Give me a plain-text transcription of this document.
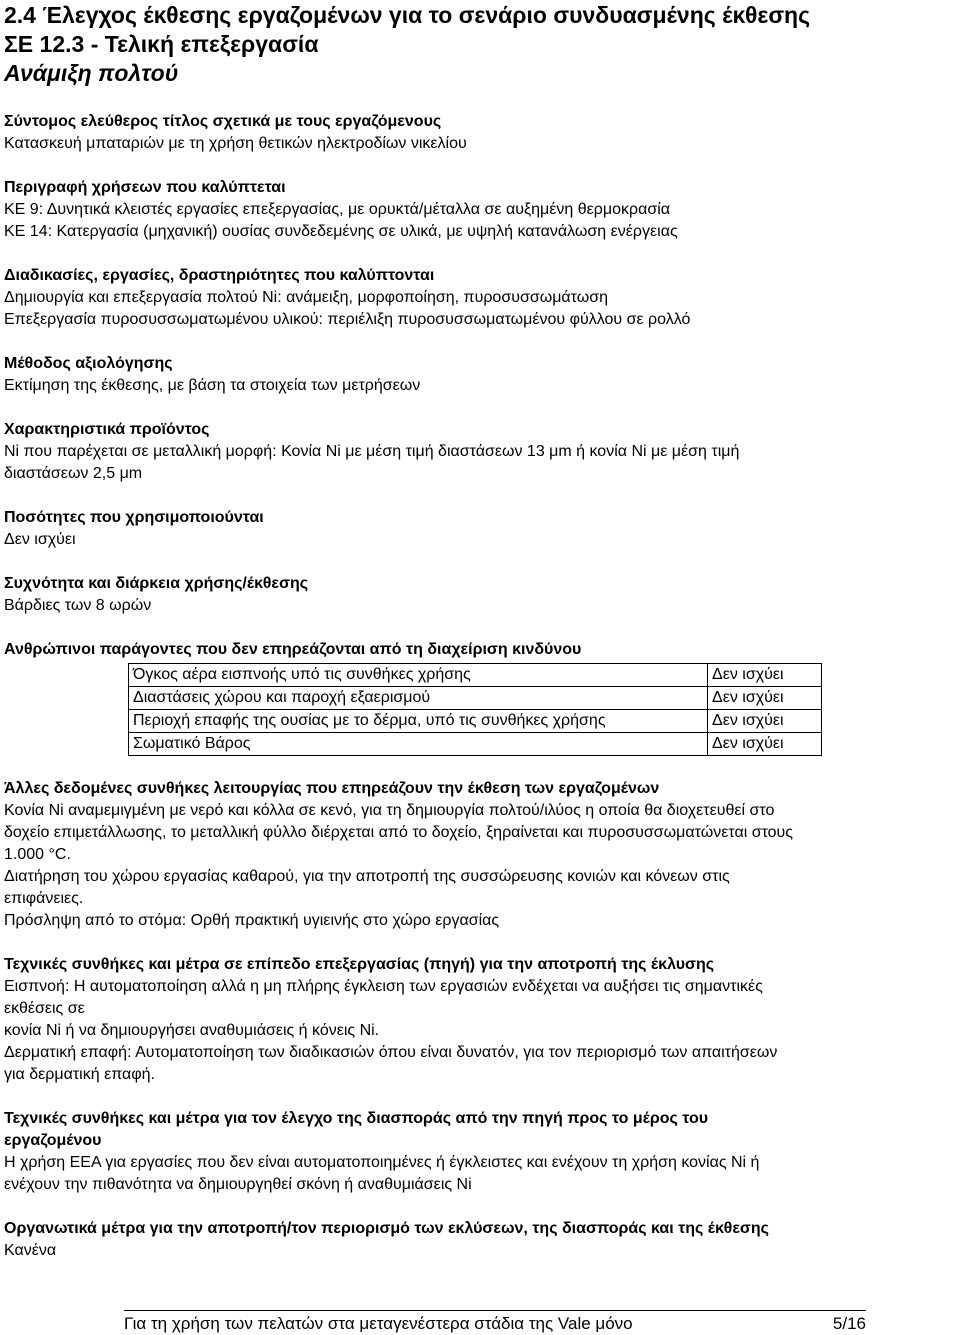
2.4 Έλεγχος έκθεσης εργαζομένων για το σενάριο συνδυασμένης έκθεσης
ΣΕ 12.3 - Τελική επεξεργασία
Ανάμιξη πολτού
Σύντομος ελεύθερος τίτλος σχετικά με τους εργαζόμενους
Κατασκευή μπαταριών με τη χρήση θετικών ηλεκτροδίων νικελίου
Περιγραφή χρήσεων που καλύπτεται
ΚΕ 9: Δυνητικά κλειστές εργασίες επεξεργασίας, με ορυκτά/μέταλλα σε αυξημένη θερμοκρασία
ΚΕ 14: Κατεργασία (μηχανική) ουσίας συνδεδεμένης σε υλικά, με υψηλή κατανάλωση ενέργειας
Διαδικασίες, εργασίες, δραστηριότητες που καλύπτονται
Δημιουργία και επεξεργασία πολτού Ni: ανάμειξη, μορφοποίηση, πυροσυσσωμάτωση
Επεξεργασία πυροσυσσωματωμένου υλικού: περιέλιξη πυροσυσσωματωμένου φύλλου σε ρολλό
Μέθοδος αξιολόγησης
Εκτίμηση της έκθεσης, με βάση τα στοιχεία των μετρήσεων
Χαρακτηριστικά προϊόντος
Ni που παρέχεται σε μεταλλική μορφή: Κονία Ni με μέση τιμή διαστάσεων 13 μm ή κονία Ni με μέση τιμή
διαστάσεων 2,5 μm
Ποσότητες που χρησιμοποιούνται
Δεν ισχύει
Συχνότητα και διάρκεια χρήσης/έκθεσης
Βάρδιες των 8 ωρών
Ανθρώπινοι παράγοντες που δεν επηρεάζονται από τη διαχείριση κινδύνου
Όγκος αέρα εισπνοής υπό τις συνθήκες χρήσης	Δεν ισχύει
Διαστάσεις χώρου και παροχή εξαερισμού	Δεν ισχύει
Περιοχή επαφής της ουσίας με το δέρμα, υπό τις συνθήκες χρήσης	Δεν ισχύει
Σωματικό Βάρος	Δεν ισχύει
Άλλες δεδομένες συνθήκες λειτουργίας που επηρεάζουν την έκθεση των εργαζομένων
Κονία Ni αναμεμιγμένη με νερό και κόλλα σε κενό, για τη δημιουργία πολτού/ιλύος η οποία θα διοχετευθεί στο
δοχείο επιμετάλλωσης, το μεταλλική φύλλο διέρχεται από το δοχείο, ξηραίνεται και πυροσυσσωματώνεται στους
1.000 °C.
Διατήρηση του χώρου εργασίας καθαρού, για την αποτροπή της συσσώρευσης κονιών και κόνεων στις
επιφάνειες.
Πρόσληψη από το στόμα: Ορθή πρακτική υγιεινής στο χώρο εργασίας
Τεχνικές συνθήκες και μέτρα σε επίπεδο επεξεργασίας (πηγή) για την αποτροπή της έκλυσης
Εισπνοή: Η αυτοματοποίηση αλλά η μη πλήρης έγκλειση των εργασιών ενδέχεται να αυξήσει τις σημαντικές
εκθέσεις σε
κονία Ni ή να δημιουργήσει αναθυμιάσεις ή κόνεις Ni.
Δερματική επαφή: Αυτοματοποίηση των διαδικασιών όπου είναι δυνατόν, για τον περιορισμό των απαιτήσεων
για δερματική επαφή.
Τεχνικές συνθήκες και μέτρα για τον έλεγχο της διασποράς από την πηγή προς το μέρος του
εργαζομένου
Η χρήση ΕΕΑ για εργασίες που δεν είναι αυτοματοποιημένες ή έγκλειστες και ενέχουν τη χρήση κονίας Ni ή
ενέχουν την πιθανότητα να δημιουργηθεί σκόνη ή αναθυμιάσεις Ni
Οργανωτικά μέτρα για την αποτροπή/τον περιορισμό των εκλύσεων, της διασποράς και της έκθεσης
Κανένα
Για τη χρήση των πελατών στα μεταγενέστερα στάδια της Vale μόνο	5/16
